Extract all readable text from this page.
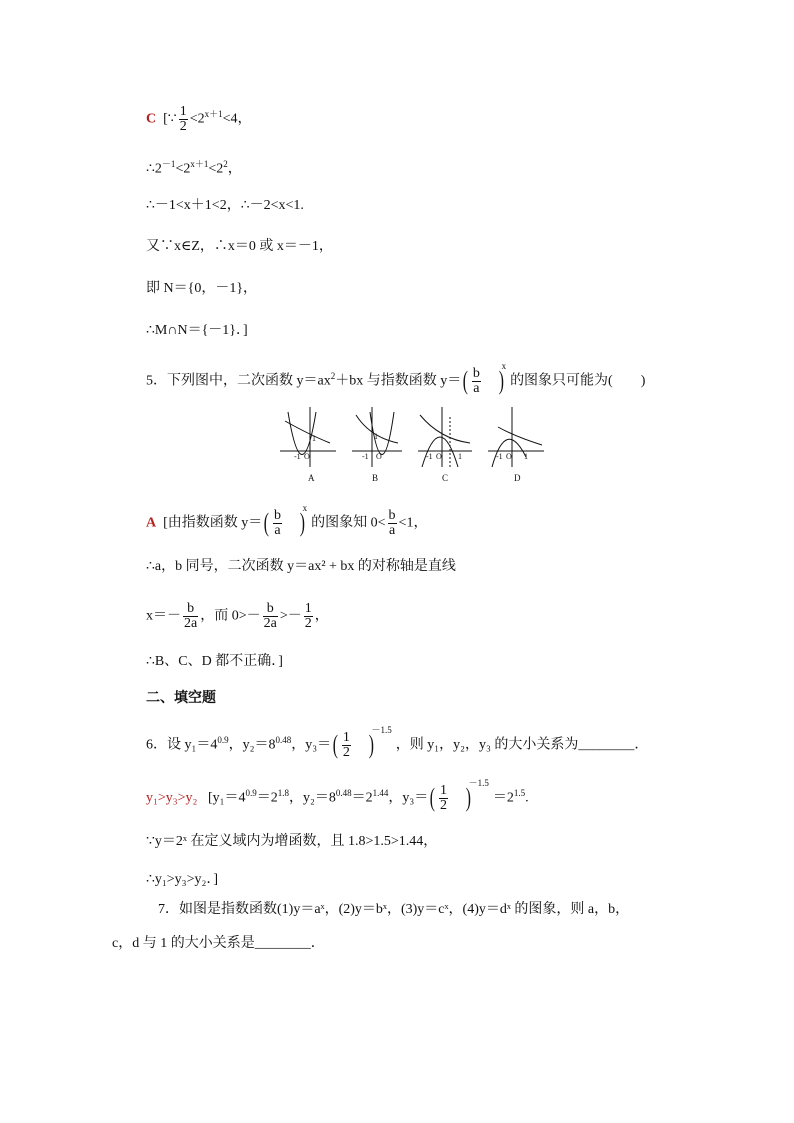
C [∵ $\frac{1}{2} <2^{x+1}<4$，
$\therefore 2^{-1}<2^{x+1}<2^2$，
∴－1<x＋1<2，∴－2<x<1.
又∵x∈Z，∴x＝0 或 x＝－1，
即 N＝{0，－1}，
∴M∩N＝{－1}．]
5．下列图中，二次函数 $y=ax^2+bx$ 与指数函数 $y=( \frac{b}{a} )^x$的图象只可能为(　　)
-1 O
1
-1 O
1
-1 O 1	-1 O 1
A	B	C	D
A [由指数函数 $y=( \frac{b}{a} )^x$的图象知 $0< \frac{b}{a} <1$，
∴a，b 同号，二次函数 y＝ax² + bx 的对称轴是直线
$x=- \frac{b}{2a}$ ，而 $0>- \frac{b}{2a} >- \frac{1}{2}$ ，
∴B、C、D 都不正确．]
二、填空题
6．设 $y_1=4^{0.9}$，$y_2=8^{0.48}$，$y_3=( \frac{1}{2} )^{-1.5}$，则 y₁，y₂，y₃ 的大小关系为________．
y₁>y₃>y₂ [$y_1=4^{0.9}=2^{1.8}$，$y_2=8^{0.48}=2^{1.44}$，$y_3=( \frac{1}{2} )^{-1.5}=2^{1.5}$.
∵y＝2ˣ 在定义域内为增函数，且 1.8>1.5>1.44，
∴y₁>y₃>y₂．]
7．如图是指数函数(1)y＝aˣ，(2)y＝bˣ，(3)y＝cˣ，(4)y＝dˣ 的图象，则 a，b，
c，d 与 1 的大小关系是________．
